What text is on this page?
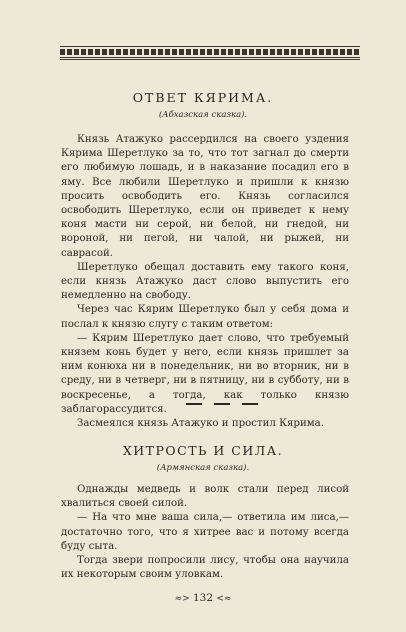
ОТВЕТ КЯРИМА.
(Абхазская сказка).

Князь Атажуко рассердился на своего уздения Кярима Шеретлуко за то, что тот загнал до смерти его любимую лошадь, и в наказание посадил его в яму. Все любили Шеретлуко и пришли к князю просить освободить его. Князь согласился освободить Шеретлуко, если он приведет к нему коня масти ни серой, ни белой, ни гнедой, ни вороной, ни пегой, ни чалой, ни рыжей, ни саврасой.

Шеретлуко обещал доставить ему такого коня, если князь Атажуко даст слово выпустить его немедленно на свободу.

Через час Кярим Шеретлуко был у себя дома и послал к князю слугу с таким ответом:

— Кярим Шеретлуко дает слово, что требуемый князем конь будет у него, если князь пришлет за ним конюха ни в понедельник, ни во вторник, ни в среду, ни в четверг, ни в пятницу, ни в субботу, ни в воскресенье, а тогда, как только князю заблагорассудится.

Засмеялся князь Атажуко и простил Кярима.

ХИТРОСТЬ И СИЛА.
(Армянская сказка).

Однажды медведь и волк стали перед лисой хвалиться своей силой.

— На что мне ваша сила,— ответила им лиса,— достаточно того, что я хитрее вас и потому всегда буду сыта.

Тогда звери попросили лису, чтобы она научила их некоторым своим уловкам.

≈> 132 <≈
